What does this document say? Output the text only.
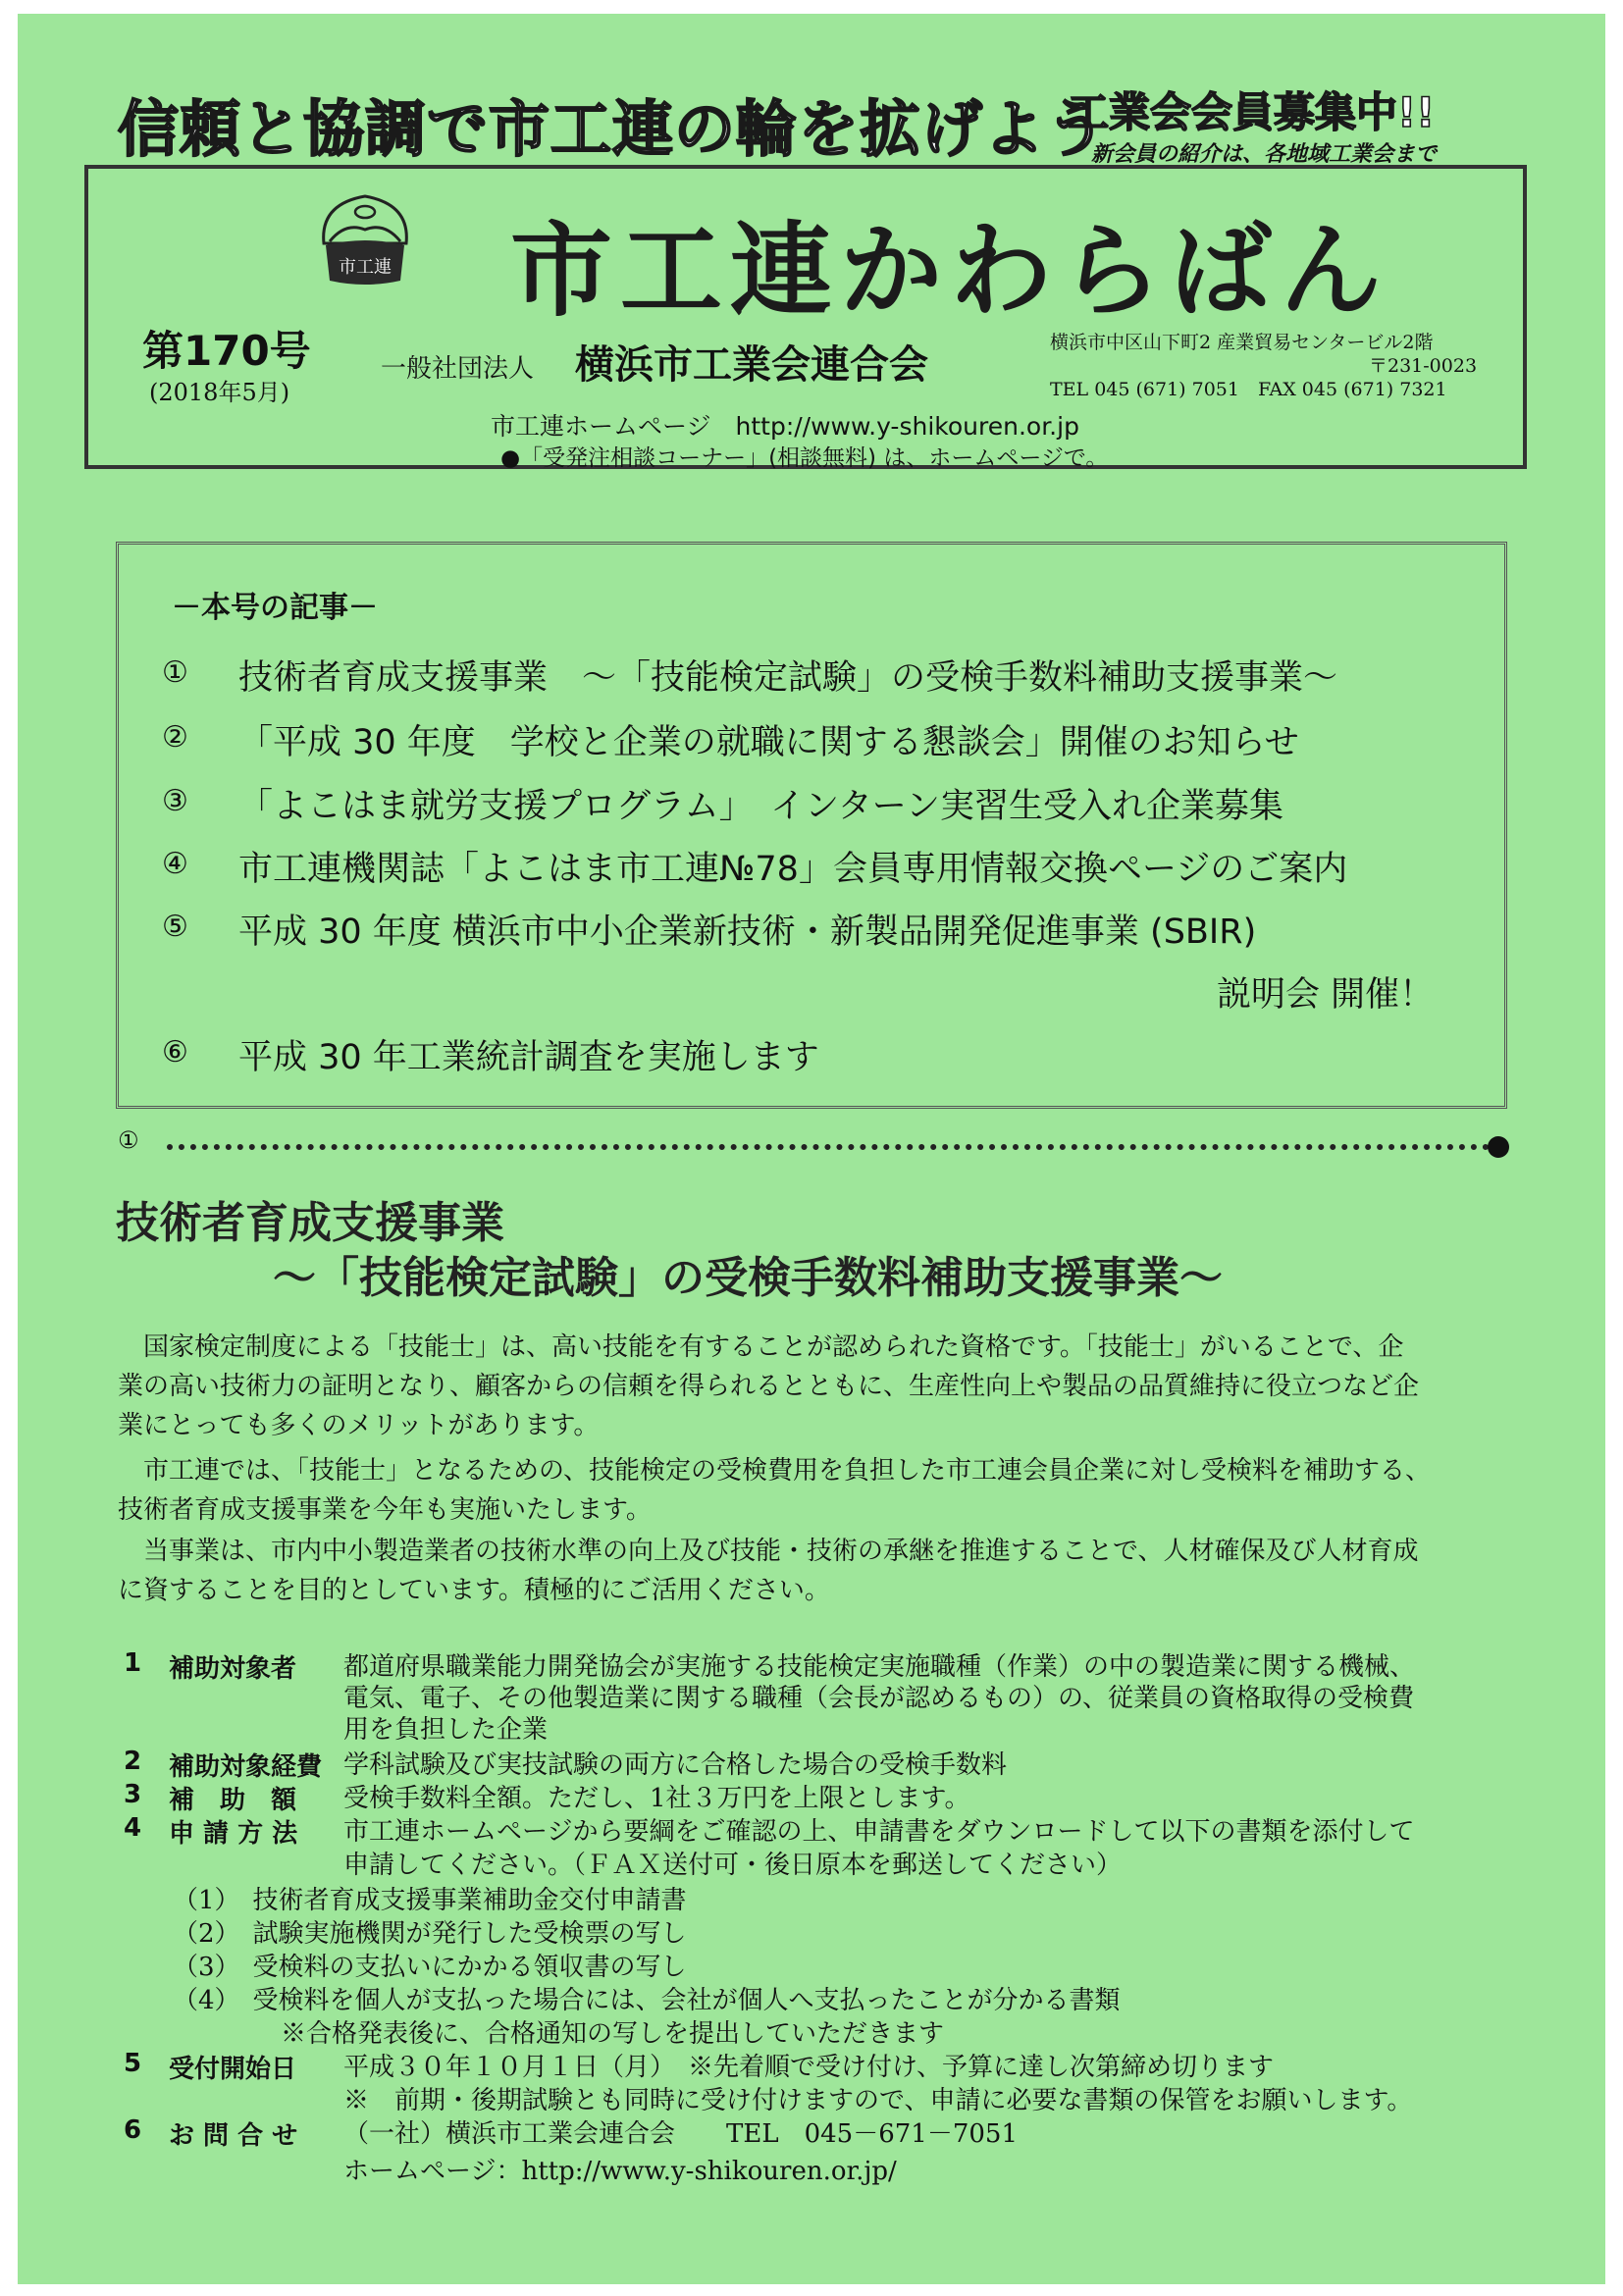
信頼と協調で市工連の輪を拡げよう
工業会会員募集中!!
新会員の紹介は、各地域工業会まで
市工連 市工連かわらばん
第170号
(2018年5月)
一般社団法人 横浜市工業会連合会	横浜市中区山下町2 産業貿易センタービル2階
〒231-0023
TEL 045 (671) 7051　FAX 045 (671) 7321
市工連ホームページ　http://www.y-shikouren.or.jp
●「受発注相談コーナー」(相談無料) は、ホームページで。
－本号の記事－
① 技術者育成支援事業　～「技能検定試験」の受検手数料補助支援事業～
② 「平成 30 年度　学校と企業の就職に関する懇談会」開催のお知らせ
③ 「よこはま就労支援プログラム」　インターン実習生受入れ企業募集
④ 市工連機関誌「よこはま市工連№78」会員専用情報交換ページのご案内
⑤ 平成 30 年度 横浜市中小企業新技術・新製品開発促進事業 (SBIR)
説明会 開催！
⑥ 平成 30 年工業統計調査を実施します
①
技術者育成支援事業
～「技能検定試験」の受検手数料補助支援事業～
　国家検定制度による「技能士」は、高い技能を有することが認められた資格です。「技能士」がいることで、企
業の高い技術力の証明となり、顧客からの信頼を得られるとともに、生産性向上や製品の品質維持に役立つなど企
業にとっても多くのメリットがあります。
　市工連では、「技能士」となるための、技能検定の受検費用を負担した市工連会員企業に対し受検料を補助する、
技術者育成支援事業を今年も実施いたします。
　当事業は、市内中小製造業者の技術水準の向上及び技能・技術の承継を推進することで、人材確保及び人材育成
に資することを目的としています。積極的にご活用ください。
1 補助対象者 都道府県職業能力開発協会が実施する技能検定実施職種（作業）の中の製造業に関する機械、
電気、電子、その他製造業に関する職種（会長が認めるもの）の、従業員の資格取得の受検費
用を負担した企業
2 補助対象経費 学科試験及び実技試験の両方に合格した場合の受検手数料
3 補　助　額 受検手数料全額。ただし、1社３万円を上限とします。
4 申 請 方 法 市工連ホームページから要綱をご確認の上、申請書をダウンロードして以下の書類を添付して
申請してください。（ＦＡＸ送付可・後日原本を郵送してください）
（1）　技術者育成支援事業補助金交付申請書
（2）　試験実施機関が発行した受検票の写し
（3）　受検料の支払いにかかる領収書の写し
（4）　受検料を個人が支払った場合には、会社が個人へ支払ったことが分かる書類
※合格発表後に、合格通知の写しを提出していただきます
5 受付開始日 平成３０年１０月１日（月）　※先着順で受け付け、予算に達し次第締め切ります
※　前期・後期試験とも同時に受け付けますので、申請に必要な書類の保管をお願いします。
6 お 問 合 せ （一社）横浜市工業会連合会　　TEL　045－671－7051
ホームページ：http://www.y-shikouren.or.jp/
